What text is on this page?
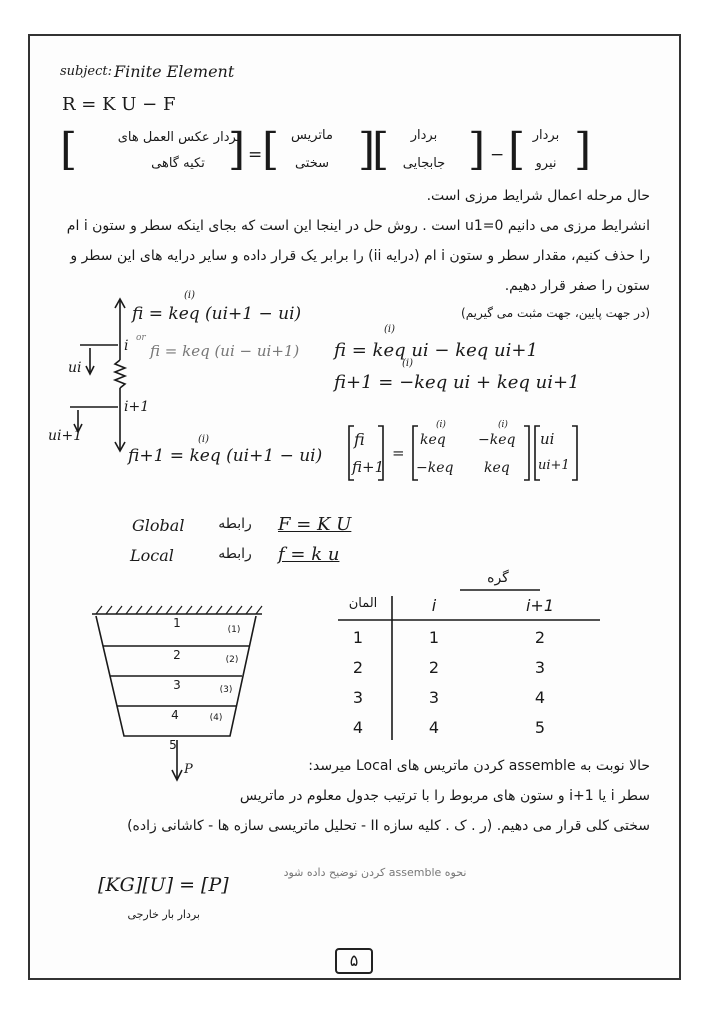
subject: Finite Element
R = K U − F
[	بردار عکس العمل های
تکیه گاهی ] = [ ماتریس
سختی ]
[	بردار
جابجایی ] − [ بردار
نیرو ]
حال مرحله اعمال شرایط مرزی است.
انشرایط مرزی می دانیم u1=0 است . روش حل در اینجا این است که بجای اینکه سطر و ستون i ام
را حذف کنیم، مقدار سطر و ستون i ام (درایه ii) را برابر یک قرار داده و سایر درایه های این سطر و
ستون را صفر قرار دهیم.
fi = keq (ui+1 − ui)
(i)
i or
fi = keq (ui − ui+1)
ui
i+1
ui+1
fi+1 = keq (ui+1 − ui)
(i)
(در جهت پایین، جهت مثبت می گیریم)
fi = keq ui − keq ui+1
(i)
fi+1 = −keq ui + keq ui+1
(i)
fi
fi+1
=
keq −keq
−keq keq
(i)	(i)
ui
ui+1
Global	رابطه	F = K U
Local	رابطه	f = k u
1
2
3
4
5
(1)
(2)
(3)
(4)
P
گره
المان	i	i+1
1	1	2
2	2	3
3	3	4
4	4	5
حالا نوبت به assemble کردن ماتریس های Local میرسد:
سطر i یا i+1 و ستون های مربوط را با ترتیب جدول معلوم در ماتریس
سختی کلی قرار می دهیم. (ر . ک . کلیه سازه II - تحلیل ماتریسی سازه ها - کاشانی زاده)
نحوه assemble کردن توضیح داده شود
[KG][U] = [P]
بردار بار خارجی
۵
